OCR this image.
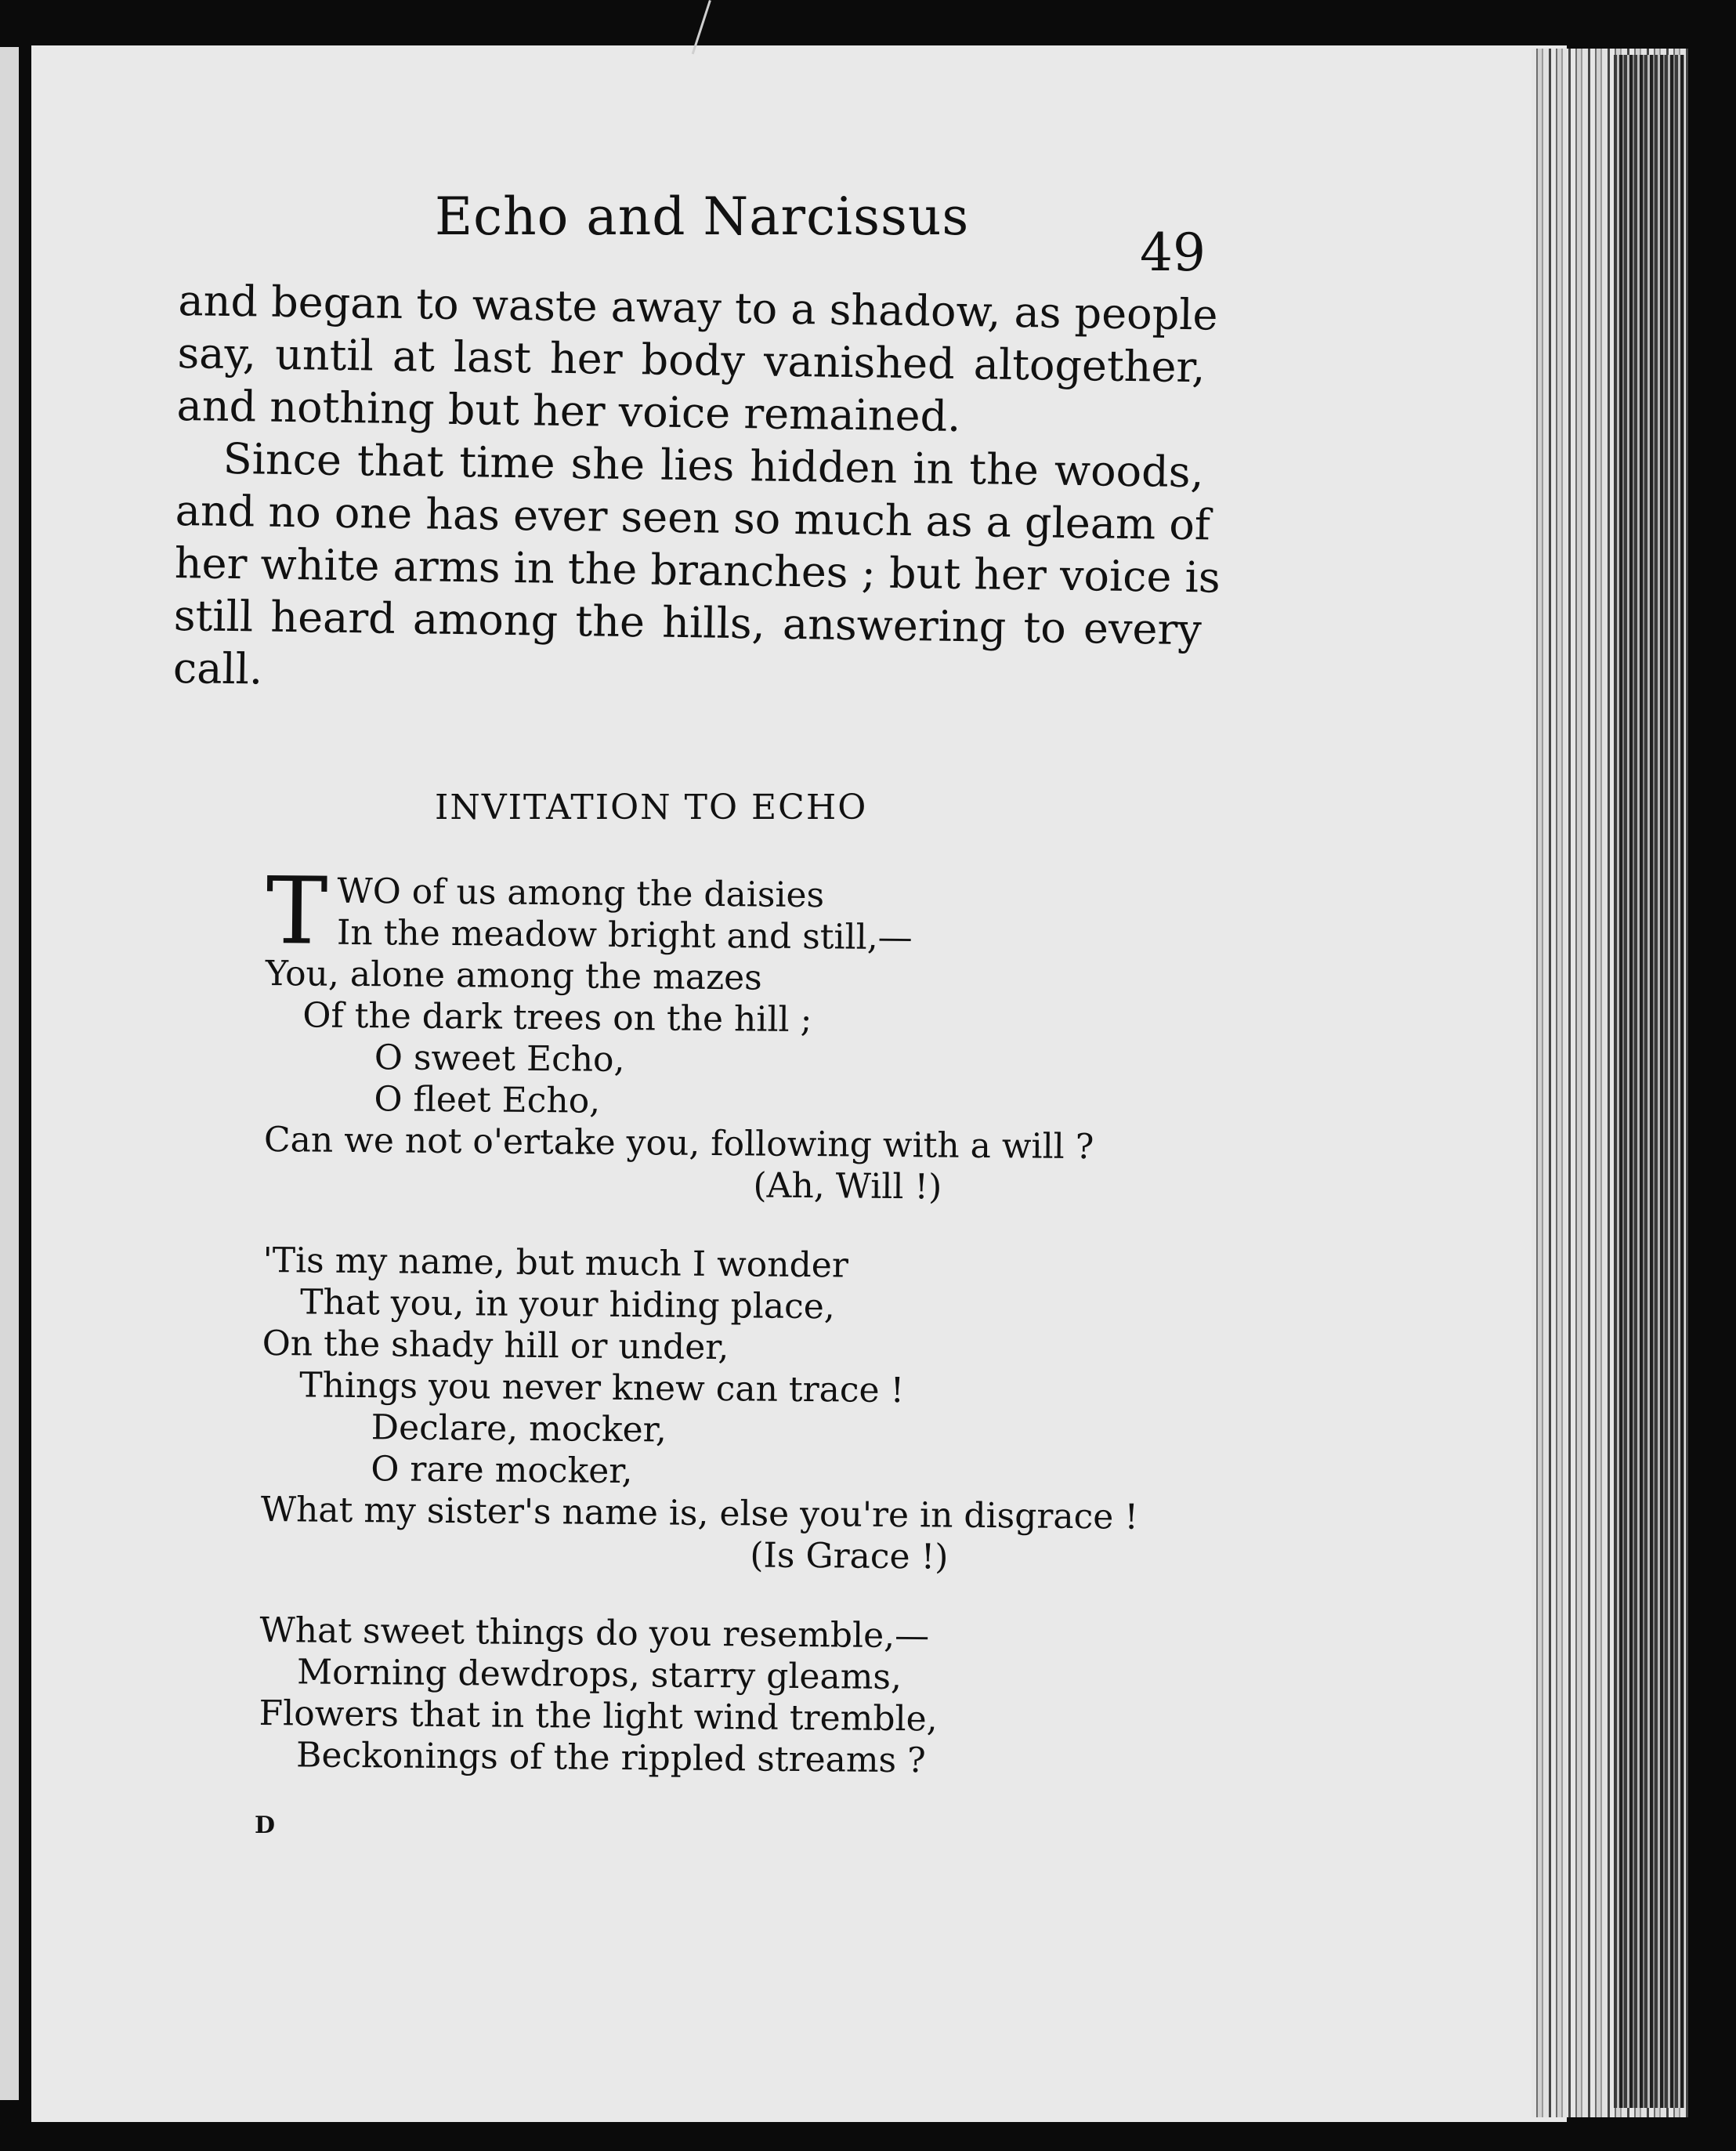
Echo and Narcissus
49
and began to waste away to a shadow, as people
say, until at last her body vanished altogether,
and nothing but her voice remained.
Since that time she lies hidden in the woods,
and no one has ever seen so much as a gleam of
her white arms in the branches ; but her voice is
still heard among the hills, answering to every
call.
INVITATION TO ECHO
T WO of us among the daisies
In the meadow bright and still,—
You, alone among the mazes
Of the dark trees on the hill ;
O sweet Echo,
O fleet Echo,
Can we not o'ertake you, following with a will ?
(Ah, Will !)
'Tis my name, but much I wonder
That you, in your hiding place,
On the shady hill or under,
Things you never knew can trace !
Declare, mocker,
O rare mocker,
What my sister's name is, else you're in disgrace !
(Is Grace !)
What sweet things do you resemble,—
Morning dewdrops, starry gleams,
Flowers that in the light wind tremble,
Beckonings of the rippled streams ?
D
